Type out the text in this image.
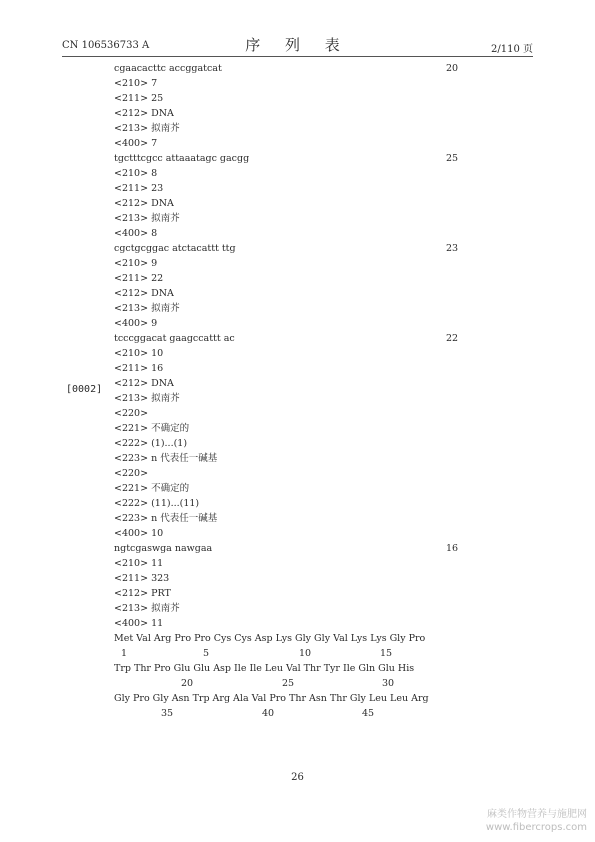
CN 106536733 A	序 列 表	2/110 页
cgaacacttc accggatcat	20
<210> 7
<211> 25
<212> DNA
<213> 拟南芥
<400> 7
tgctttcgcc attaaatagc gacgg	25
<210> 8
<211> 23
<212> DNA
<213> 拟南芥
<400> 8
cgctgcggac atctacattt ttg	23
<210> 9
<211> 22
<212> DNA
<213> 拟南芥
<400> 9
tcccggacat gaagccattt ac	22
<210> 10
<211> 16
<212> DNA
<213> 拟南芥
<220>
<221> 不确定的
<222> (1)...(1)
<223> n 代表任一碱基
<220>
<221> 不确定的
<222> (11)...(11)
<223> n 代表任一碱基
<400> 10
ngtcgaswga nawgaa	16
<210> 11
<211> 323
<212> PRT
<213> 拟南芥
<400> 11
Met Val Arg Pro Pro Cys Cys Asp Lys Gly Gly Val Lys Lys Gly Pro
1	5	10	15
Trp Thr Pro Glu Glu Asp Ile Ile Leu Val Thr Tyr Ile Gln Glu His
20	25	30
Gly Pro Gly Asn Trp Arg Ala Val Pro Thr Asn Thr Gly Leu Leu Arg
35	40	45
[0002]
26
麻类作物营养与施肥网
www.fibercrops.com
